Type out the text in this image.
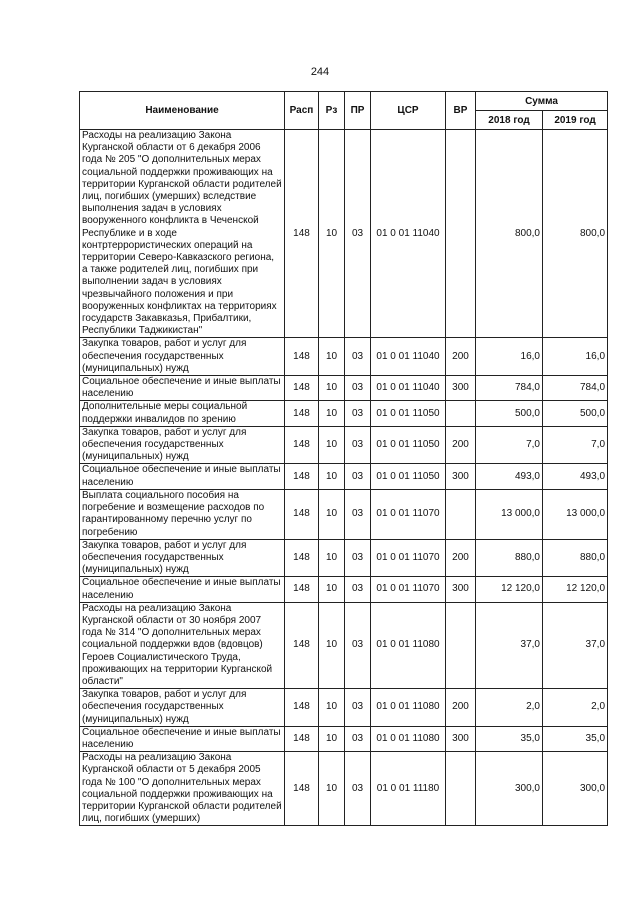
244
Наименование	Расп	Рз	ПР	ЦСР	ВР	Сумма	
						2018 год	2019 год
Расходы на реализацию Закона Курганской области от 6 декабря 2006 года № 205 "О дополнительных мерах социальной поддержки проживающих на территории Курганской области родителей лиц, погибших (умерших) вследствие выполнения задач в условиях вооруженного конфликта в Чеченской Республике и в ходе контртеррористических операций на территории Северо-Кавказского региона, а также родителей лиц, погибших при выполнении задач в условиях чрезвычайного положения и при вооруженных конфликтах на территориях государств Закавказья, Прибалтики, Республики Таджикистан"	148	10	03	01 0 01 11040		800,0	800,0
Закупка товаров, работ и услуг для обеспечения государственных (муниципальных) нужд	148	10	03	01 0 01 11040	200	16,0	16,0
Социальное обеспечение и иные выплаты населению	148	10	03	01 0 01 11040	300	784,0	784,0
Дополнительные меры социальной поддержки инвалидов по зрению	148	10	03	01 0 01 11050		500,0	500,0
Закупка товаров, работ и услуг для обеспечения государственных (муниципальных) нужд	148	10	03	01 0 01 11050	200	7,0	7,0
Социальное обеспечение и иные выплаты населению	148	10	03	01 0 01 11050	300	493,0	493,0
Выплата социального пособия на погребение и возмещение расходов по гарантированному перечню услуг по погребению	148	10	03	01 0 01 11070		13 000,0	13 000,0
Закупка товаров, работ и услуг для обеспечения государственных (муниципальных) нужд	148	10	03	01 0 01 11070	200	880,0	880,0
Социальное обеспечение и иные выплаты населению	148	10	03	01 0 01 11070	300	12 120,0	12 120,0
Расходы на реализацию Закона Курганской области от 30 ноября 2007 года № 314 "О дополнительных мерах социальной поддержки вдов (вдовцов) Героев Социалистического Труда, проживающих на территории Курганской области"	148	10	03	01 0 01 11080		37,0	37,0
Закупка товаров, работ и услуг для обеспечения государственных (муниципальных) нужд	148	10	03	01 0 01 11080	200	2,0	2,0
Социальное обеспечение и иные выплаты населению	148	10	03	01 0 01 11080	300	35,0	35,0
Расходы на реализацию Закона Курганской области от 5 декабря 2005 года № 100 "О дополнительных мерах социальной поддержки проживающих на территории Курганской области родителей лиц, погибших (умерших)	148	10	03	01 0 01 11180		300,0	300,0
